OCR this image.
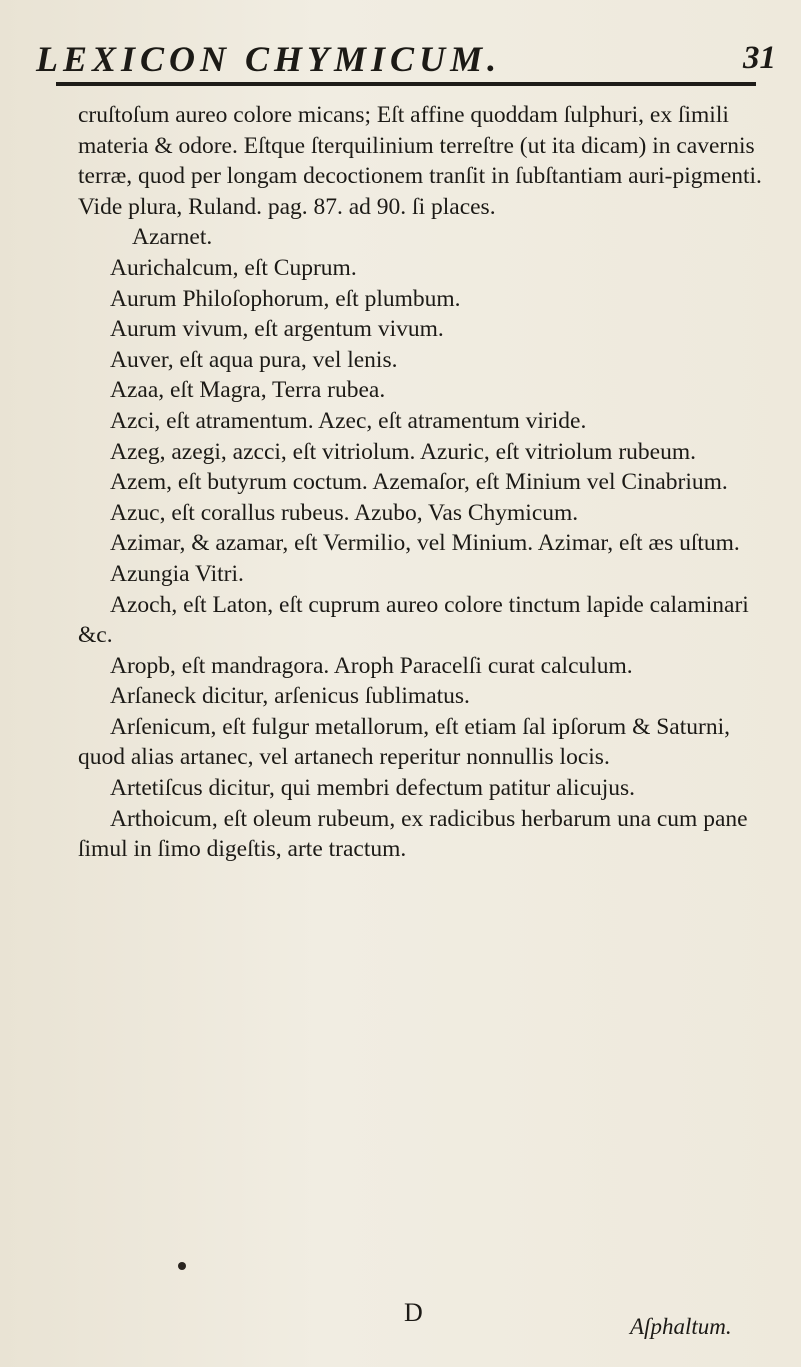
LEXICON CHYMICUM.	31

cruſtoſum aureo colore micans; Eſt affine quoddam ſulphuri, ex ſimili materia & odore. Eſtque ſterquilinium terreſtre (ut ita dicam) in cavernis terræ, quod per longam decoctionem tranſit in ſubſtantiam auri-pigmenti. Vide plura, Ruland. pag. 87. ad 90. ſi places.

Azarnet.

Aurichalcum, eſt Cuprum.

Aurum Philoſophorum, eſt plumbum.

Aurum vivum, eſt argentum vivum.

Auver, eſt aqua pura, vel lenis.

Azaa, eſt Magra, Terra rubea.

Azci, eſt atramentum. Azec, eſt atramentum viride.

Azeg, azegi, azcci, eſt vitriolum. Azuric, eſt vitriolum rubeum.

Azem, eſt butyrum coctum. Azemaſor, eſt Minium vel Cinabrium.

Azuc, eſt corallus rubeus. Azubo, Vas Chymicum.

Azimar, & azamar, eſt Vermilio, vel Minium. Azimar, eſt æs uſtum.

Azungia Vitri.

Azoch, eſt Laton, eſt cuprum aureo colore tinctum lapide calaminari &c.

Aropb, eſt mandragora. Aroph Paracelſi curat calculum.

Arſaneck dicitur, arſenicus ſublimatus.

Arſenicum, eſt fulgur metallorum, eſt etiam ſal ipſorum & Saturni, quod alias artanec, vel artanech reperitur nonnullis locis.

Artetiſcus dicitur, qui membri defectum patitur alicujus.

Arthoicum, eſt oleum rubeum, ex radicibus herbarum una cum pane ſimul in ſimo digeſtis, arte tractum.

D	Aſphaltum.
